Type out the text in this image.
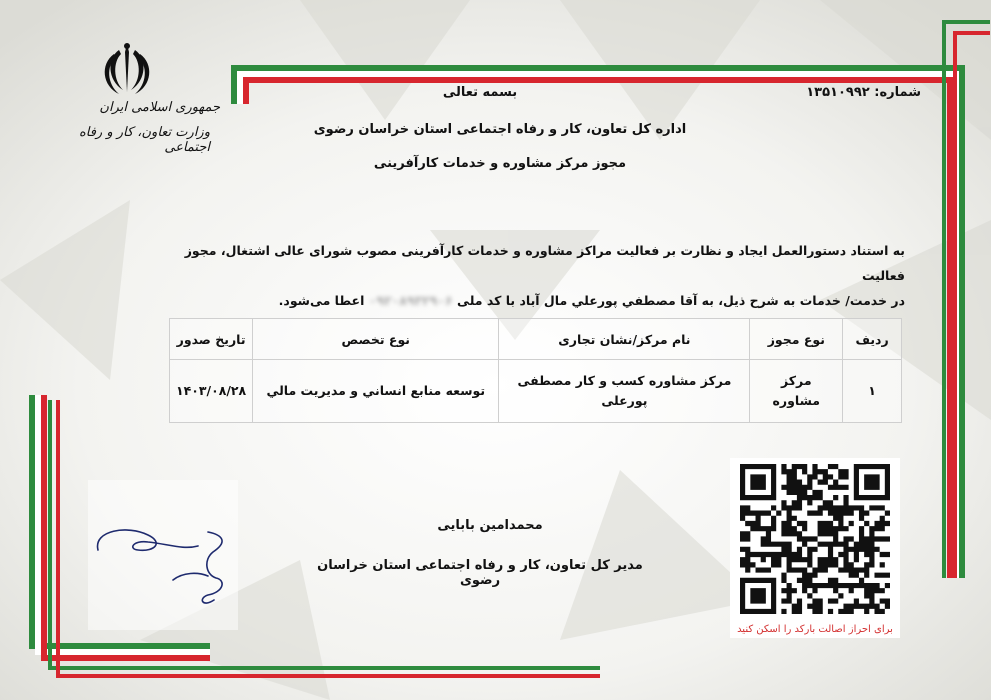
جمهوری اسلامی ایران
وزارت تعاون، کار و رفاه اجتماعی
شماره: ۱۳۵۱۰۹۹۲
بسمه تعالی
اداره کل تعاون، کار و رفاه اجتماعی استان خراسان رضوی
مجوز مرکز مشاوره و خدمات کارآفرینی
به استناد دستورالعمل ایجاد و نظارت بر فعالیت مراکز مشاوره و خدمات کارآفرینی مصوب شورای عالی اشتغال، مجوز فعالیت
در خدمت/ خدمات به شرح ذیل، به آقا مصطفي پورعلي مال آباد با کد ملی ۰۹۲۰۸۹۳۲۹۰۶ اعطا می‌شود.
ردیف	نوع مجوز	نام مرکز/نشان تجاری	نوع تخصص	تاریخ صدور
۱	مرکز مشاوره	مرکز مشاوره کسب و کار مصطفی پورعلی	توسعه منابع انساني و مديريت مالي	۱۴۰۳/۰۸/۲۸
محمدامین بابایی
مدیر کل تعاون، کار و رفاه اجتماعی استان خراسان رضوی
برای احراز اصالت بارکد را اسکن کنید
